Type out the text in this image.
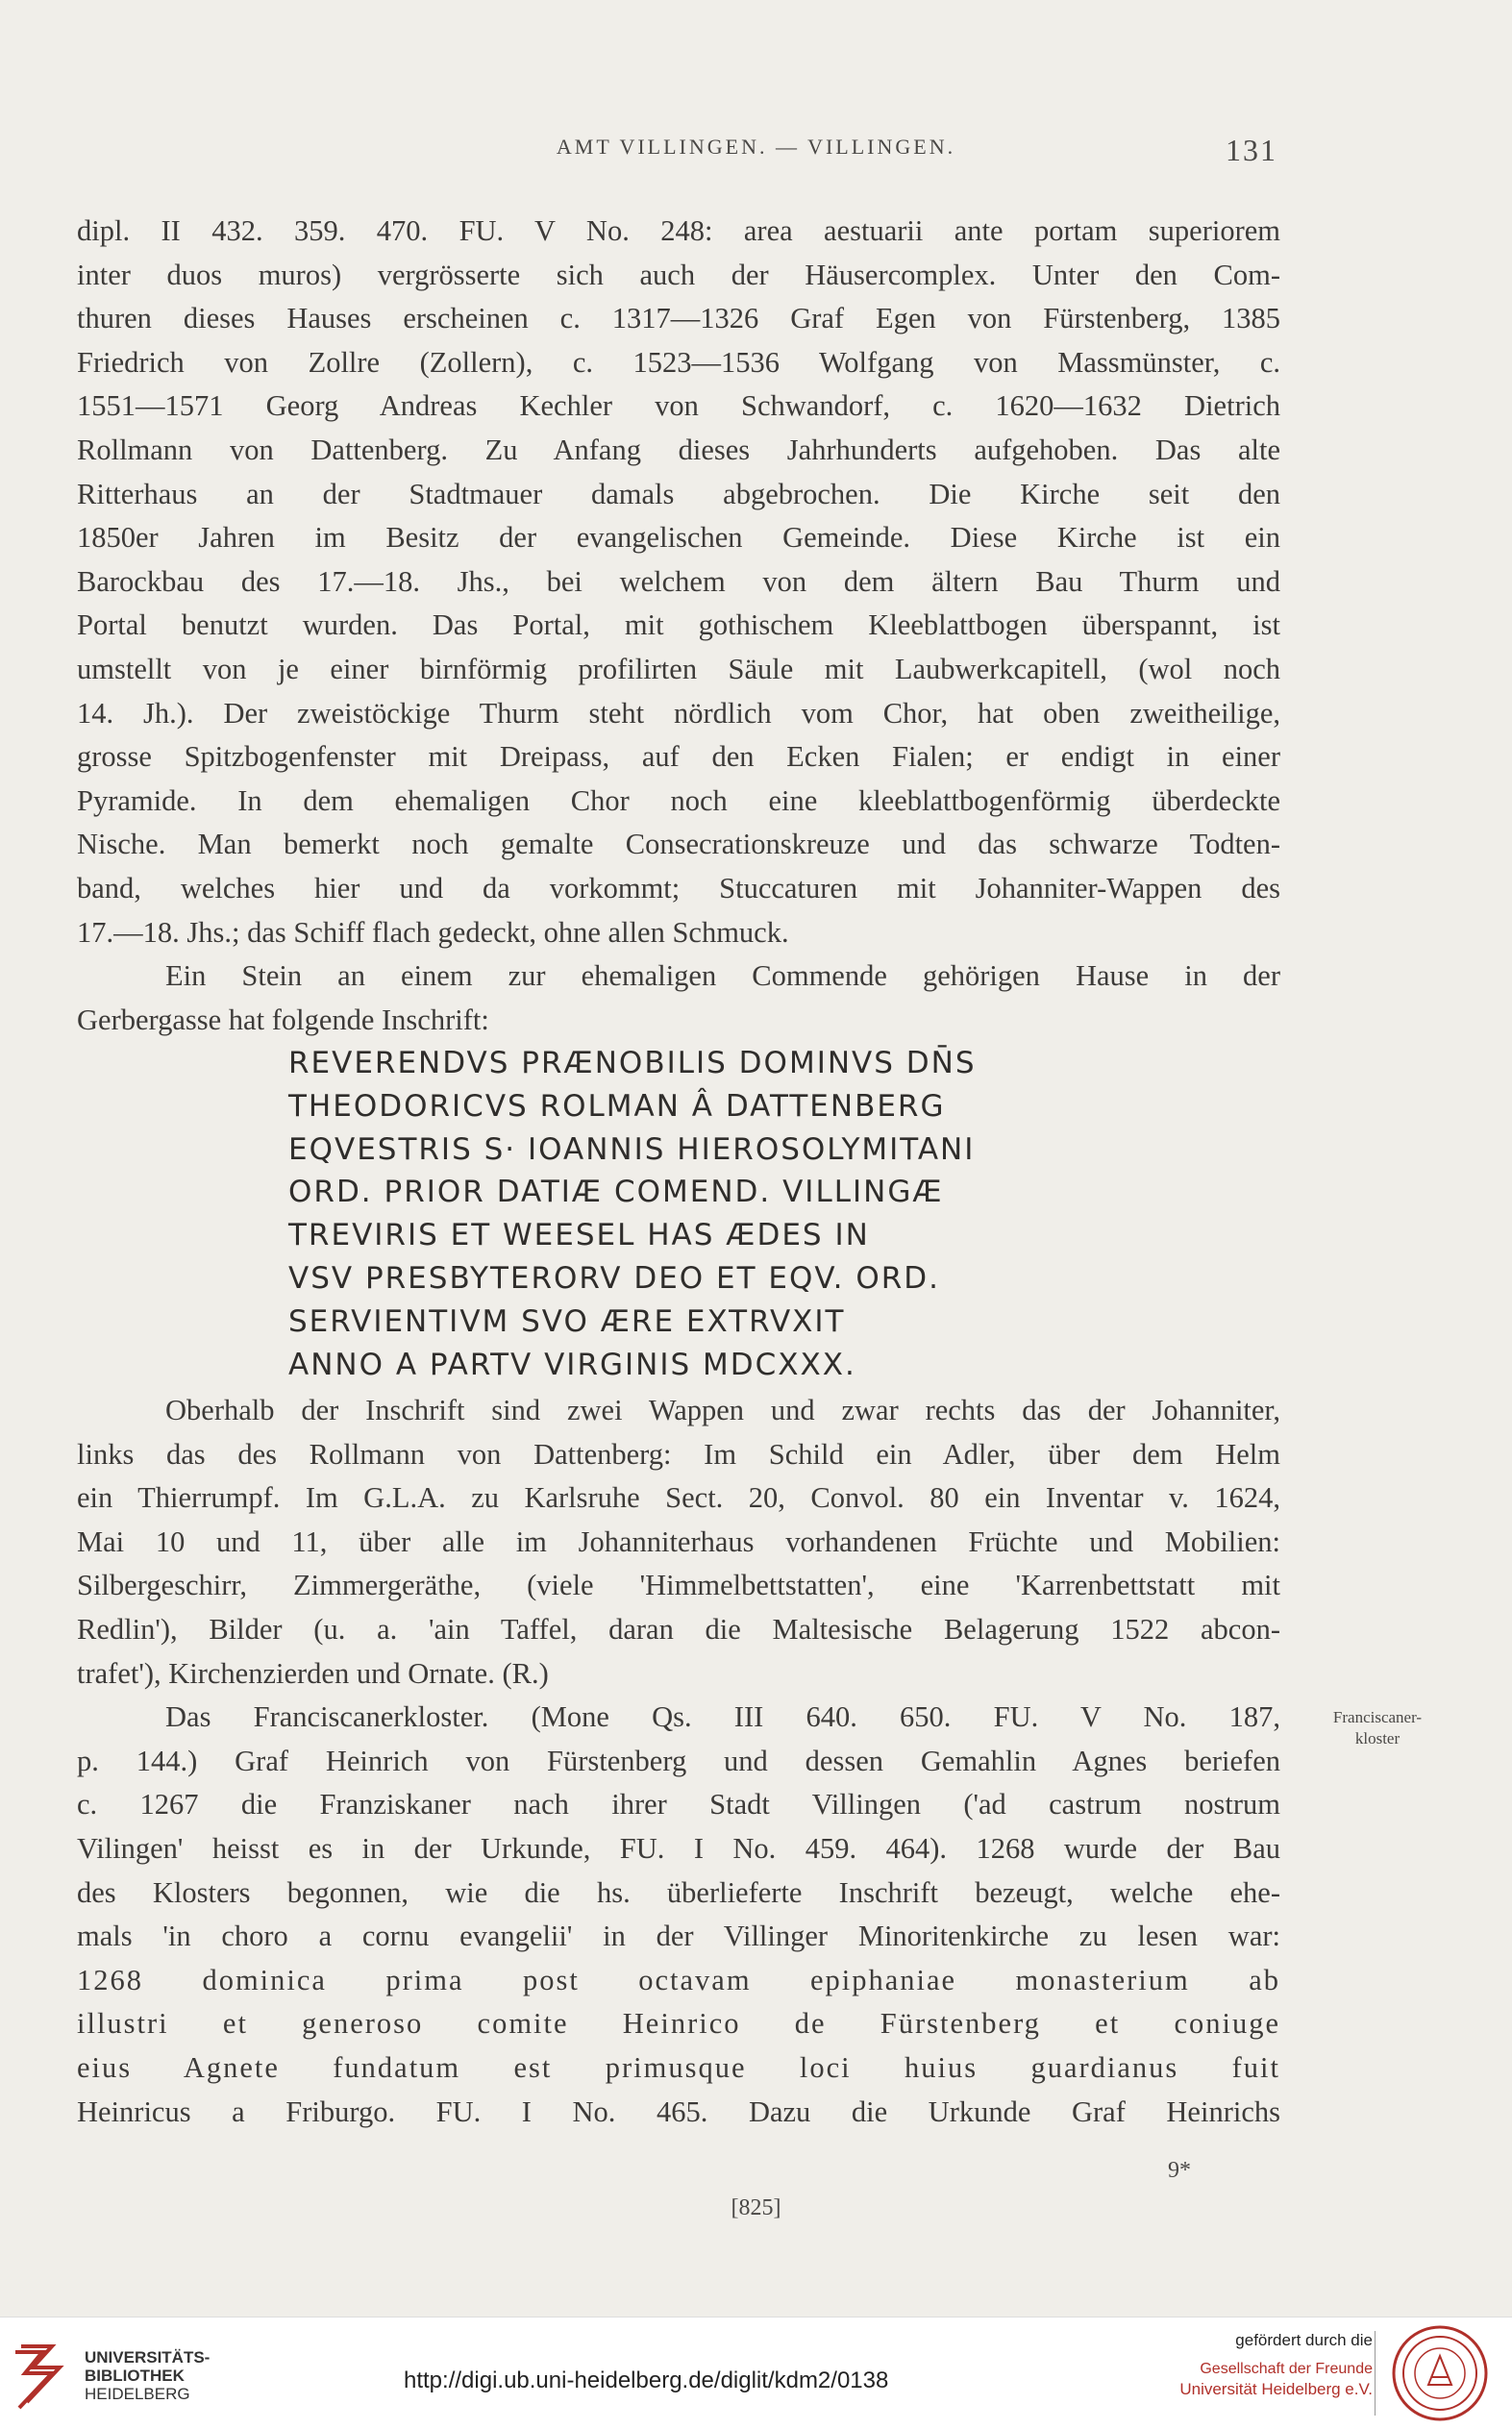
AMT VILLINGEN. — VILLINGEN.	131
dipl. II 432. 359. 470. FU. V No. 248: area aestuarii ante portam superiorem
inter duos muros) vergrösserte sich auch der Häusercomplex. Unter den Com-
thuren dieses Hauses erscheinen c. 1317—1326 Graf Egen von Fürstenberg, 1385
Friedrich von Zollre (Zollern), c. 1523—1536 Wolfgang von Massmünster, c.
1551—1571 Georg Andreas Kechler von Schwandorf, c. 1620—1632 Dietrich
Rollmann von Dattenberg. Zu Anfang dieses Jahrhunderts aufgehoben. Das alte
Ritterhaus an der Stadtmauer damals abgebrochen. Die Kirche seit den
1850er Jahren im Besitz der evangelischen Gemeinde. Diese Kirche ist ein
Barockbau des 17.—18. Jhs., bei welchem von dem ältern Bau Thurm und
Portal benutzt wurden. Das Portal, mit gothischem Kleeblattbogen überspannt, ist
umstellt von je einer birnförmig profilirten Säule mit Laubwerkcapitell, (wol noch
14. Jh.). Der zweistöckige Thurm steht nördlich vom Chor, hat oben zweitheilige,
grosse Spitzbogenfenster mit Dreipass, auf den Ecken Fialen; er endigt in einer
Pyramide. In dem ehemaligen Chor noch eine kleeblattbogenförmig überdeckte
Nische. Man bemerkt noch gemalte Consecrationskreuze und das schwarze Todten-
band, welches hier und da vorkommt; Stuccaturen mit Johanniter-Wappen des
17.—18. Jhs.; das Schiff flach gedeckt, ohne allen Schmuck.
Ein Stein an einem zur ehemaligen Commende gehörigen Hause in der
Gerbergasse hat folgende Inschrift:
REVERENDVS PRÆNOBILIS DOMINVS DN̄S
THEODORICVS ROLMAN Â DATTENBERG
EQVESTRIS S· IOANNIS HIEROSOLYMITANI
ORD. PRIOR DATIÆ COMEND. VILLINGÆ
TREVIRIS ET WEESEL HAS ÆDES IN
VSV PRESBYTERORV DEO ET EQV. ORD.
SERVIENTIVM SVO ÆRE EXTRVXIT
ANNO A PARTV VIRGINIS MDCXXX.
Oberhalb der Inschrift sind zwei Wappen und zwar rechts das der Johanniter,
links das des Rollmann von Dattenberg: Im Schild ein Adler, über dem Helm
ein Thierrumpf. Im G.L.A. zu Karlsruhe Sect. 20, Convol. 80 ein Inventar v. 1624,
Mai 10 und 11, über alle im Johanniterhaus vorhandenen Früchte und Mobilien:
Silbergeschirr, Zimmergeräthe, (viele 'Himmelbettstatten', eine 'Karrenbettstatt mit
Redlin'), Bilder (u. a. 'ain Taffel, daran die Maltesische Belagerung 1522 abcon-
trafet'), Kirchenzierden und Ornate. (R.)
Das Franciscanerkloster. (Mone Qs. III 640. 650. FU. V No. 187,
p. 144.) Graf Heinrich von Fürstenberg und dessen Gemahlin Agnes beriefen
c. 1267 die Franziskaner nach ihrer Stadt Villingen ('ad castrum nostrum
Vilingen' heisst es in der Urkunde, FU. I No. 459. 464). 1268 wurde der Bau
des Klosters begonnen, wie die hs. überlieferte Inschrift bezeugt, welche ehe-
mals 'in choro a cornu evangelii' in der Villinger Minoritenkirche zu lesen war:
1268 dominica prima post octavam epiphaniae monasterium ab
illustri et generoso comite Heinrico de Fürstenberg et coniuge
eius Agnete fundatum est primusque loci huius guardianus fuit
Heinricus a Friburgo. FU. I No. 465. Dazu die Urkunde Graf Heinrichs
Franciscaner-
kloster
9*
[825]
UNIVERSITÄTS-
BIBLIOTHEK
HEIDELBERG
http://digi.ub.uni-heidelberg.de/diglit/kdm2/0138
gefördert durch die
Gesellschaft der Freunde
Universität Heidelberg e.V.
